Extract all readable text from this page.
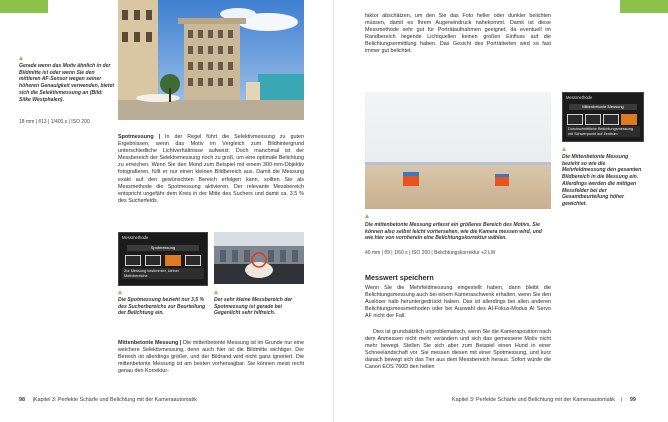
Gerade wenn das Motiv ähnlich in der Bildmitte ist oder wenn Sie den mittleren AF-Sensor wegen seiner höheren Genauigkeit verwenden, bietet sich die Selektivmessung an (Bild: Silke Westphalen).

18 mm | f/13 | 1/400 s | ISO 200

Spotmessung | In der Regel führt die Selektivmessung zu guten Ergebnissen, wenn das Motiv im Vergleich zum Bildhintergrund unterschiedliche Lichtverhältnisse aufweist. Doch manchmal ist der Messbereich der Selektivmessung noch zu groß, um eine optimale Belichtung zu erreichen. Wenn Sie den Mond zum Beispiel mit einem 300-mm-Objektiv fotografieren, füllt er nur einen kleinen Bildbereich aus. Damit die Messung exakt auf den gewünschten Bereich erfolgen kann, sollten Sie als Messmethode die Spotmessung aktivieren. Der relevante Messbereich entspricht ungefähr dem Kreis in der Mitte des Suchers und damit ca. 3,5 % des Sucherfelds.

Messmethode
Spotmessung
Zur Messung bestimmter, kleiner Motivbereiche

Die Spotmessung bezieht nur 3,5 % des Sucherbereichs zur Beurteilung der Belichtung ein.

Der sehr kleine Messbereich der Spotmessung ist gerade bei Gegenlicht sehr hilfreich.

Mittenbetonte Messung | Die mittenbetonte Messung ist im Grunde nur eine weichere Selektivmessung, denn auch hier ist die Bildmitte wichtiger. Der Bereich ist allerdings größer, und der Bildrand wird nicht ganz ignoriert. Die mittenbetonte Messung ist am besten vorhersagbar. Sie können meist recht genau den Korrektur-

98 |Kapitel 3: Perfekte Schärfe und Belichtung mit der Kameraautomatik

faktor abschätzen, um den Sie das Foto heller oder dunkler belichten müssen, damit es Ihrem Augeneindruck nahekommt. Damit ist diese Messmethode sehr gut für Porträtaufnahmen geeignet, da eventuell im Randbereich liegende Lichtquellen keinen großen Einfluss auf die Belichtungsermittlung haben. Das Gesicht des Porträtierten wird so fast immer gut belichtet.

Messmethode
Mittenbetonte Messung
Durchschnittliche Belichtungsmessung mit Schwerpunkt auf Zentrum

Die Mittenbetonte Messung bezieht so wie die Mehrfeldmessung den gesamten Bildbereich in die Messung ein. Allerdings werden die mittigen Messfelder bei der Gesamtbeurteilung höher gewichtet.

Die mittenbetonte Messung erfasst ein größeres Bereich des Motivs. Sie können also selbst leicht vorhersehen, wie die Kamera messen wird, und wie hier von vornherein eine Belichtungskorrektur wählen.

40 mm | f/9 | 1/60 s | ISO 200 | Belichtungskorrektur +2 LW

Messwert speichern

Wenn Sie die Mehrfeldmessung eingestellt haben, dann bleibt die Belichtungsmessung auch bei einem Kameraschwenk erhalten, wenn Sie den Auslöser halb heruntergedrückt haben. Das ist allerdings bei allen anderen Belichtungsmessmethoden oder bei Auswahl des AI-Fokus-Modus AI Servo AF nicht der Fall.

Dies ist grundsätzlich unproblematisch, wenn Sie die Kameraposition nach dem Anmessen nicht mehr verändern und sich das gemessene Motiv nicht mehr bewegt. Stellen Sie sich aber zum Beispiel einen Hund in einer Schneelandschaft vor. Sie messen diesen mit einer Spotmessung, und kurz danach bewegt sich das Tier aus dem Messbereich heraus. Sofort würde die Canon EOS 760D den hellen

Kapitel 3: Perfekte Schärfe und Belichtung mit der Kameraautomatik | 99
